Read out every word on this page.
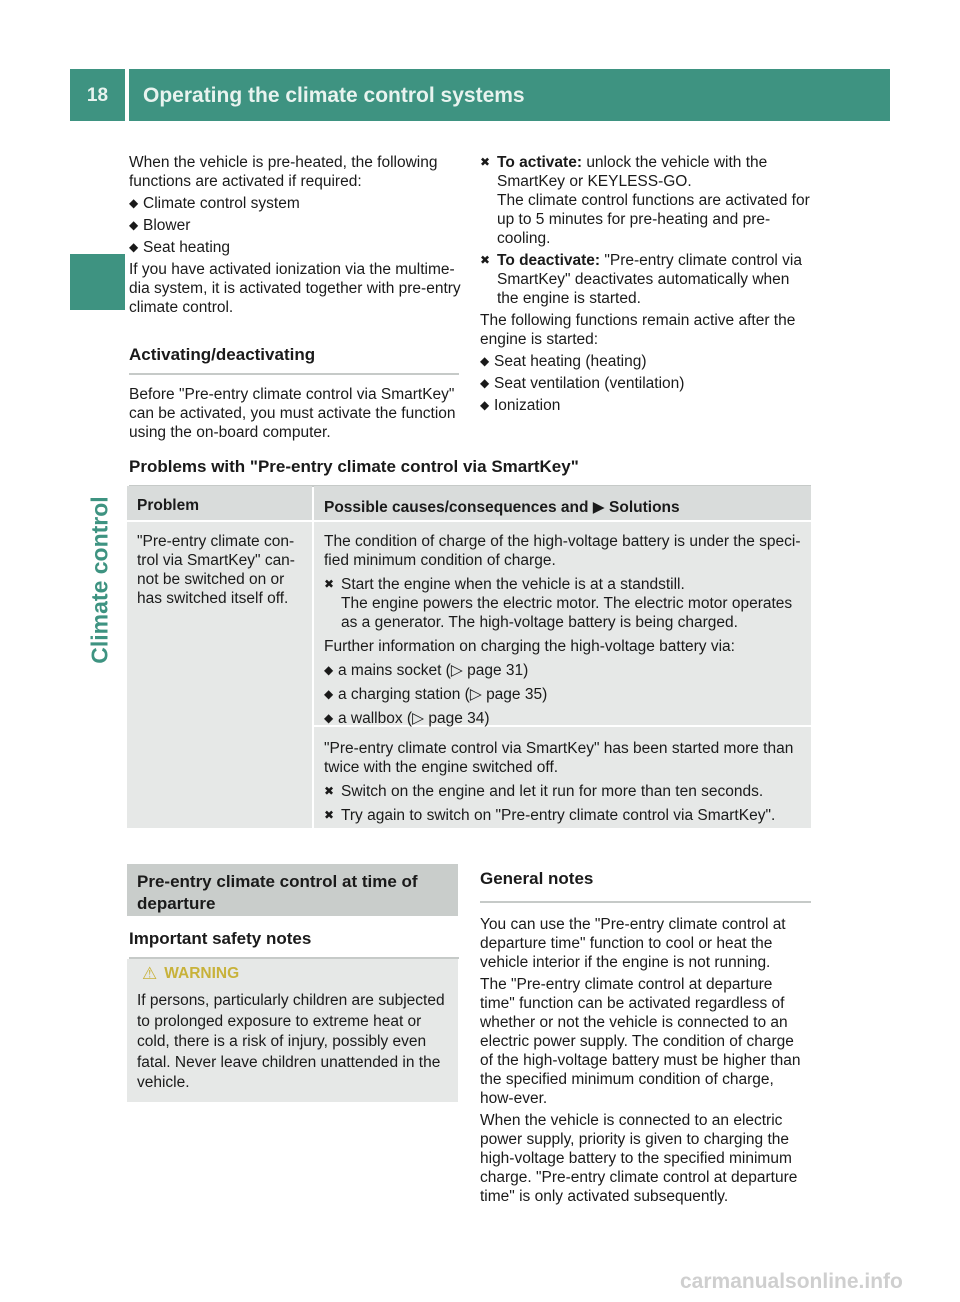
18	Operating the climate control systems
Climate control

When the vehicle is pre-heated, the following functions are activated if required:

◆ Climate control system
◆ Blower
◆ Seat heating

If you have activated ionization via the multime-dia system, it is activated together with pre-entry climate control.

Activating/deactivating

Before "Pre-entry climate control via SmartKey" can be activated, you must activate the function using the on-board computer.

✖ To activate: unlock the vehicle with the SmartKey or KEYLESS-GO.

The climate control functions are activated for up to 5 minutes for pre-heating and pre-cooling.

✖ To deactivate: "Pre-entry climate control via SmartKey" deactivates automatically when the engine is started.

The following functions remain active after the engine is started:

◆ Seat heating (heating)
◆ Seat ventilation (ventilation)
◆ Ionization
Problems with "Pre-entry climate control via SmartKey"
Problem	Possible causes/consequences and ▶ Solutions

"Pre-entry climate con-trol via SmartKey" can-not be switched on or has switched itself off.

The condition of charge of the high-voltage battery is under the speci-fied minimum condition of charge.

✖ Start the engine when the vehicle is at a standstill.

The engine powers the electric motor. The electric motor operates as a generator. The high-voltage battery is being charged.

Further information on charging the high-voltage battery via:

◆ a mains socket (▷ page 31)
◆ a charging station (▷ page 35)
◆ a wallbox (▷ page 34)

"Pre-entry climate control via SmartKey" has been started more than twice with the engine switched off.

✖ Switch on the engine and let it run for more than ten seconds.
✖ Try again to switch on "Pre-entry climate control via SmartKey".
Pre-entry climate control at time of departure
Important safety notes
⚠ WARNING

If persons, particularly children are subjected to prolonged exposure to extreme heat or cold, there is a risk of injury, possibly even fatal. Never leave children unattended in the vehicle.

General notes

You can use the "Pre-entry climate control at departure time" function to cool or heat the vehicle interior if the engine is not running.

The "Pre-entry climate control at departure time" function can be activated regardless of whether or not the vehicle is connected to an electric power supply. The condition of charge of the high-voltage battery must be higher than the specified minimum condition of charge, how-ever.

When the vehicle is connected to an electric power supply, priority is given to charging the high-voltage battery to the specified minimum charge. "Pre-entry climate control at departure time" is only activated subsequently.

carmanualsonline.info
